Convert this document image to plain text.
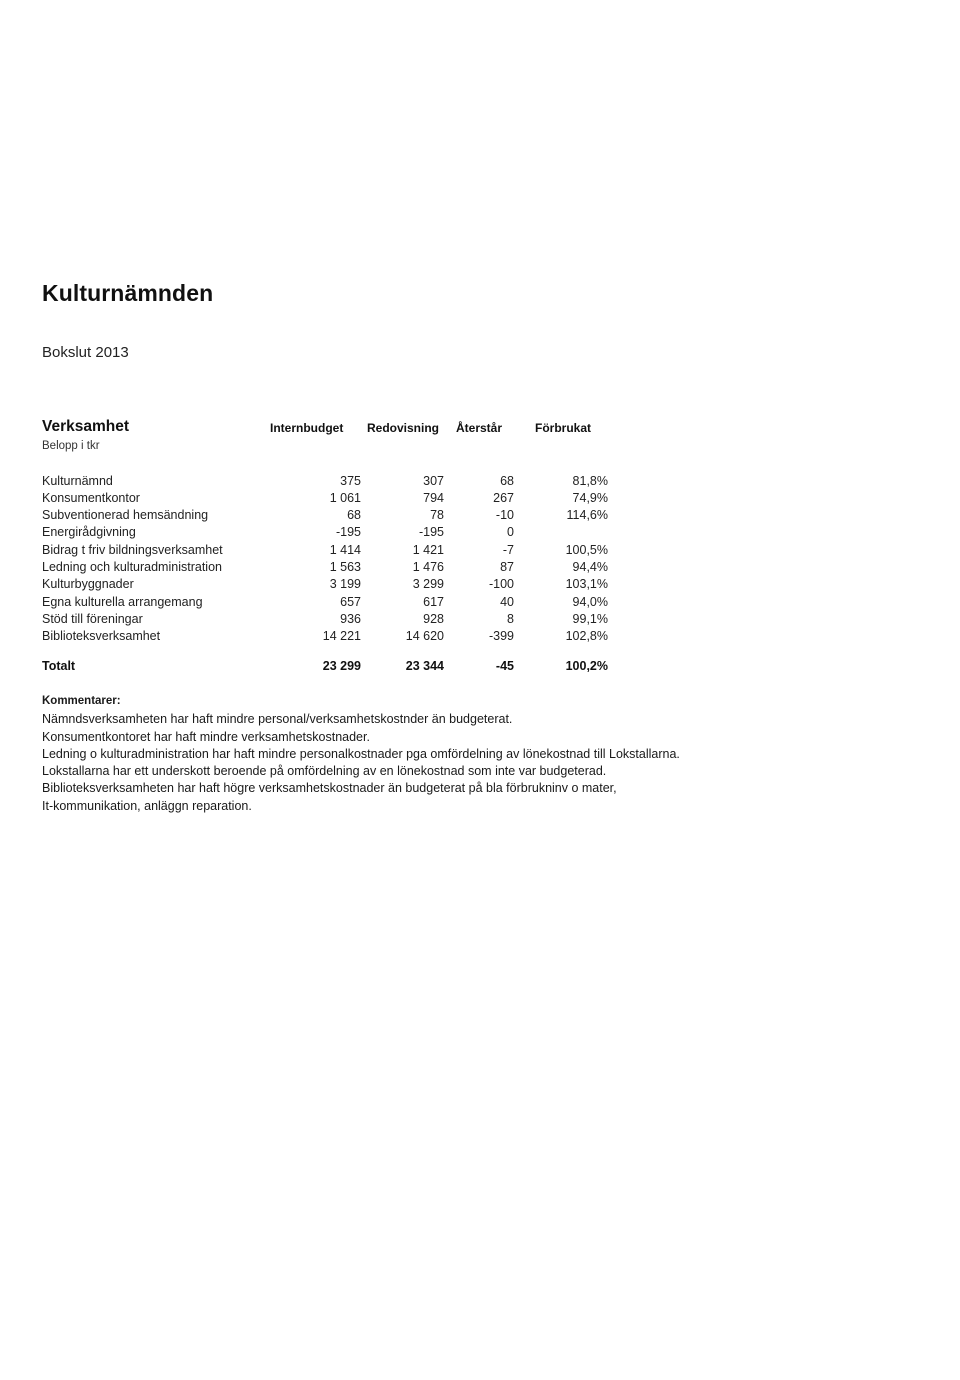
Kulturnämnden
Bokslut 2013
Verksamhet
Belopp i tkr
Internbudget Redovisning Återstår	Förbrukat
Kulturnämnd	375	307	68	81,8%
Konsumentkontor	1 061	794	267	74,9%
Subventionerad hemsändning	68	78	-10	114,6%
Energirådgivning	-195	-195	0
Bidrag t friv bildningsverksamhet	1 414	1 421	-7	100,5%
Ledning och kulturadministration	1 563	1 476	87	94,4%
Kulturbyggnader	3 199	3 299	-100	103,1%
Egna kulturella arrangemang	657	617	40	94,0%
Stöd till föreningar	936	928	8	99,1%
Biblioteksverksamhet	14 221	14 620	-399	102,8%
Totalt	23 299	23 344	-45	100,2%
Kommentarer:
Nämndsverksamheten har haft mindre personal/verksamhetskostnder än budgeterat.
Konsumentkontoret har haft mindre verksamhetskostnader.
Ledning o kulturadministration har haft mindre personalkostnader pga omfördelning av lönekostnad till Lokstallarna.
Lokstallarna har ett underskott beroende på omfördelning av en lönekostnad som inte var budgeterad.
Biblioteksverksamheten har haft högre verksamhetskostnader än budgeterat på bla förbrukninv o mater,
It-kommunikation, anläggn reparation.
